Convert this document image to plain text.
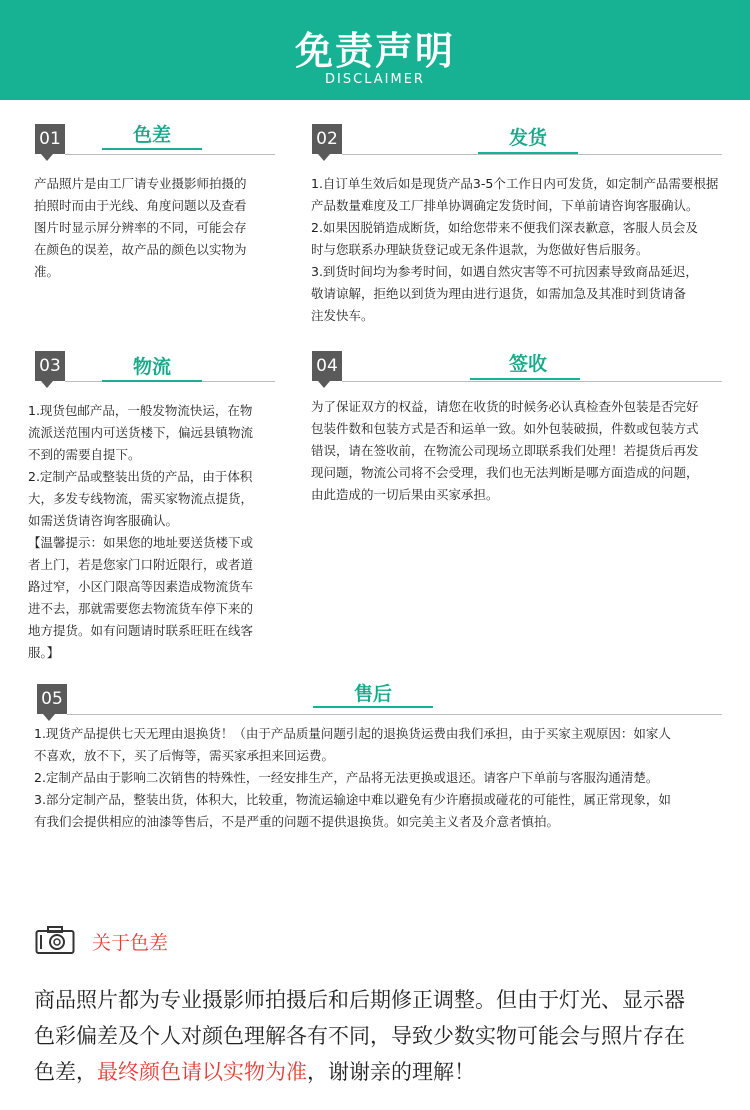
免责声明
DISCLAIMER
01	色差
产品照片是由工厂请专业摄影师拍摄的
拍照时而由于光线、角度问题以及查看
图片时显示屏分辨率的不同，可能会存
在颜色的误差，故产品的颜色以实物为
准。
02	发货
1.自订单生效后如是现货产品3-5个工作日内可发货，如定制产品需要根据
产品数量难度及工厂排单协调确定发货时间，下单前请咨询客服确认。
2.如果因脱销造成断货，如给您带来不便我们深表歉意，客服人员会及
时与您联系办理缺货登记或无条件退款，为您做好售后服务。
3.到货时间均为参考时间，如遇自然灾害等不可抗因素导致商品延迟，
敬请谅解，拒绝以到货为理由进行退货，如需加急及其准时到货请备
注发快车。
03	物流
1.现货包邮产品，一般发物流快运，在物
流派送范围内可送货楼下，偏远县镇物流
不到的需要自提下。
2.定制产品或整装出货的产品，由于体积
大，多发专线物流，需买家物流点提货，
如需送货请咨询客服确认。
【温馨提示：如果您的地址要送货楼下或
者上门，若是您家门口附近限行，或者道
路过窄，小区门限高等因素造成物流货车
进不去，那就需要您去物流货车停下来的
地方提货。如有问题请时联系旺旺在线客
服。】
04	签收
为了保证双方的权益，请您在收货的时候务必认真检查外包装是否完好
包装件数和包装方式是否和运单一致。如外包装破损，件数或包装方式
错误，请在签收前，在物流公司现场立即联系我们处理！若提货后再发
现问题，物流公司将不会受理，我们也无法判断是哪方面造成的问题，
由此造成的一切后果由买家承担。
05	售后
1.现货产品提供七天无理由退换货！（由于产品质量问题引起的退换货运费由我们承担，由于买家主观原因：如家人
不喜欢，放不下，买了后悔等，需买家承担来回运费。
2.定制产品由于影响二次销售的特殊性，一经安排生产，产品将无法更换或退还。请客户下单前与客服沟通清楚。
3.部分定制产品，整装出货，体积大，比较重，物流运输途中难以避免有少许磨损或碰花的可能性，属正常现象，如
有我们会提供相应的油漆等售后，不是严重的问题不提供退换货。如完美主义者及介意者慎拍。
关于色差
商品照片都为专业摄影师拍摄后和后期修正调整。但由于灯光、显示器
色彩偏差及个人对颜色理解各有不同，导致少数实物可能会与照片存在
色差，最终颜色请以实物为准，谢谢亲的理解！
